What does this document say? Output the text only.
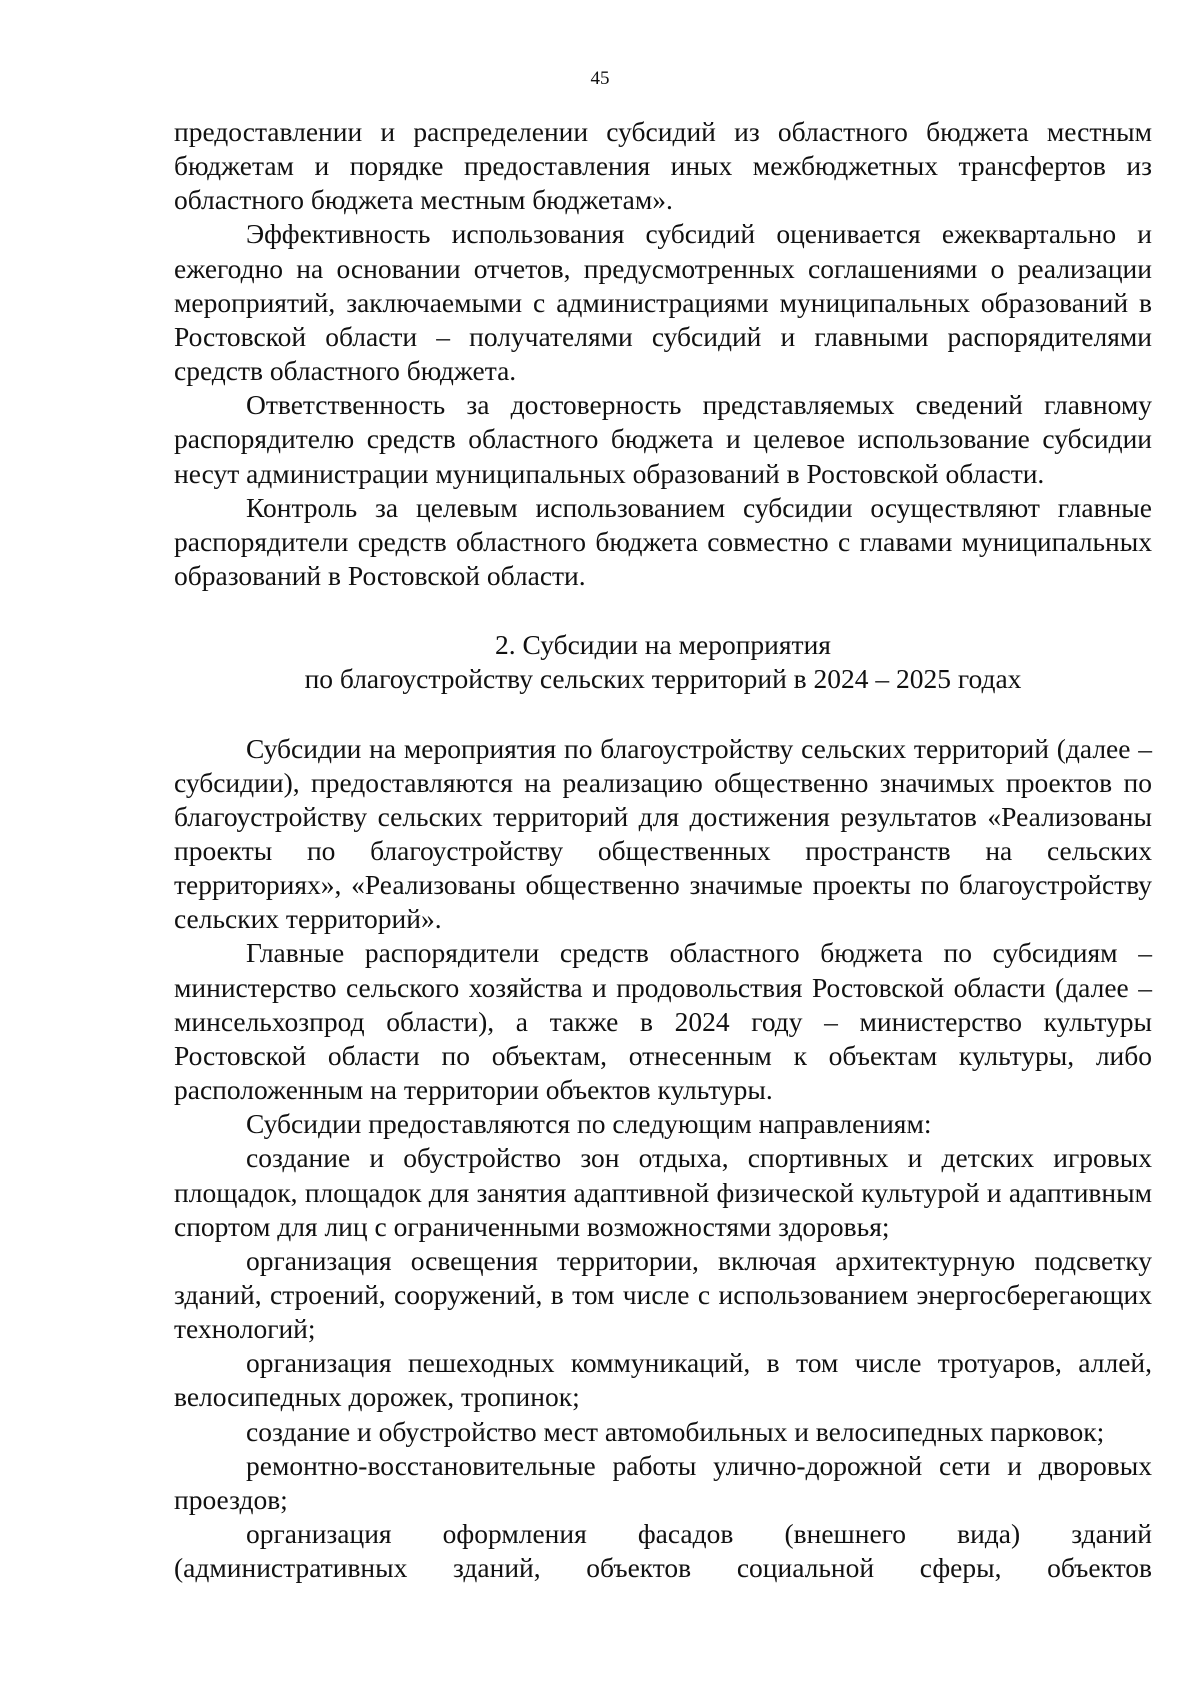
45

предоставлении и распределении субсидий из областного бюджета местным бюджетам и порядке предоставления иных межбюджетных трансфертов из областного бюджета местным бюджетам».

Эффективность использования субсидий оценивается ежеквартально и ежегодно на основании отчетов, предусмотренных соглашениями о реализации мероприятий, заключаемыми с администрациями муниципальных образований в Ростовской области – получателями субсидий и главными распорядителями средств областного бюджета.

Ответственность за достоверность представляемых сведений главному распорядителю средств областного бюджета и целевое использование субсидии несут администрации муниципальных образований в Ростовской области.

Контроль за целевым использованием субсидии осуществляют главные распорядители средств областного бюджета совместно с главами муниципальных образований в Ростовской области.

2. Субсидии на мероприятия
по благоустройству сельских территорий в 2024 – 2025 годах

Субсидии на мероприятия по благоустройству сельских территорий (далее – субсидии), предоставляются на реализацию общественно значимых проектов по благоустройству сельских территорий для достижения результатов «Реализованы проекты по благоустройству общественных пространств на сельских территориях», «Реализованы общественно значимые проекты по благоустройству сельских территорий».

Главные распорядители средств областного бюджета по субсидиям – министерство сельского хозяйства и продовольствия Ростовской области (далее – минсельхозпрод области), а также в 2024 году – министерство культуры Ростовской области по объектам, отнесенным к объектам культуры, либо расположенным на территории объектов культуры.

Субсидии предоставляются по следующим направлениям:

создание и обустройство зон отдыха, спортивных и детских игровых площадок, площадок для занятия адаптивной физической культурой и адаптивным спортом для лиц с ограниченными возможностями здоровья;

организация освещения территории, включая архитектурную подсветку зданий, строений, сооружений, в том числе с использованием энергосберегающих технологий;

организация пешеходных коммуникаций, в том числе тротуаров, аллей, велосипедных дорожек, тропинок;

создание и обустройство мест автомобильных и велосипедных парковок;

ремонтно-восстановительные работы улично-дорожной сети и дворовых проездов;

организация оформления фасадов (внешнего вида) зданий (административных зданий, объектов социальной сферы, объектов
